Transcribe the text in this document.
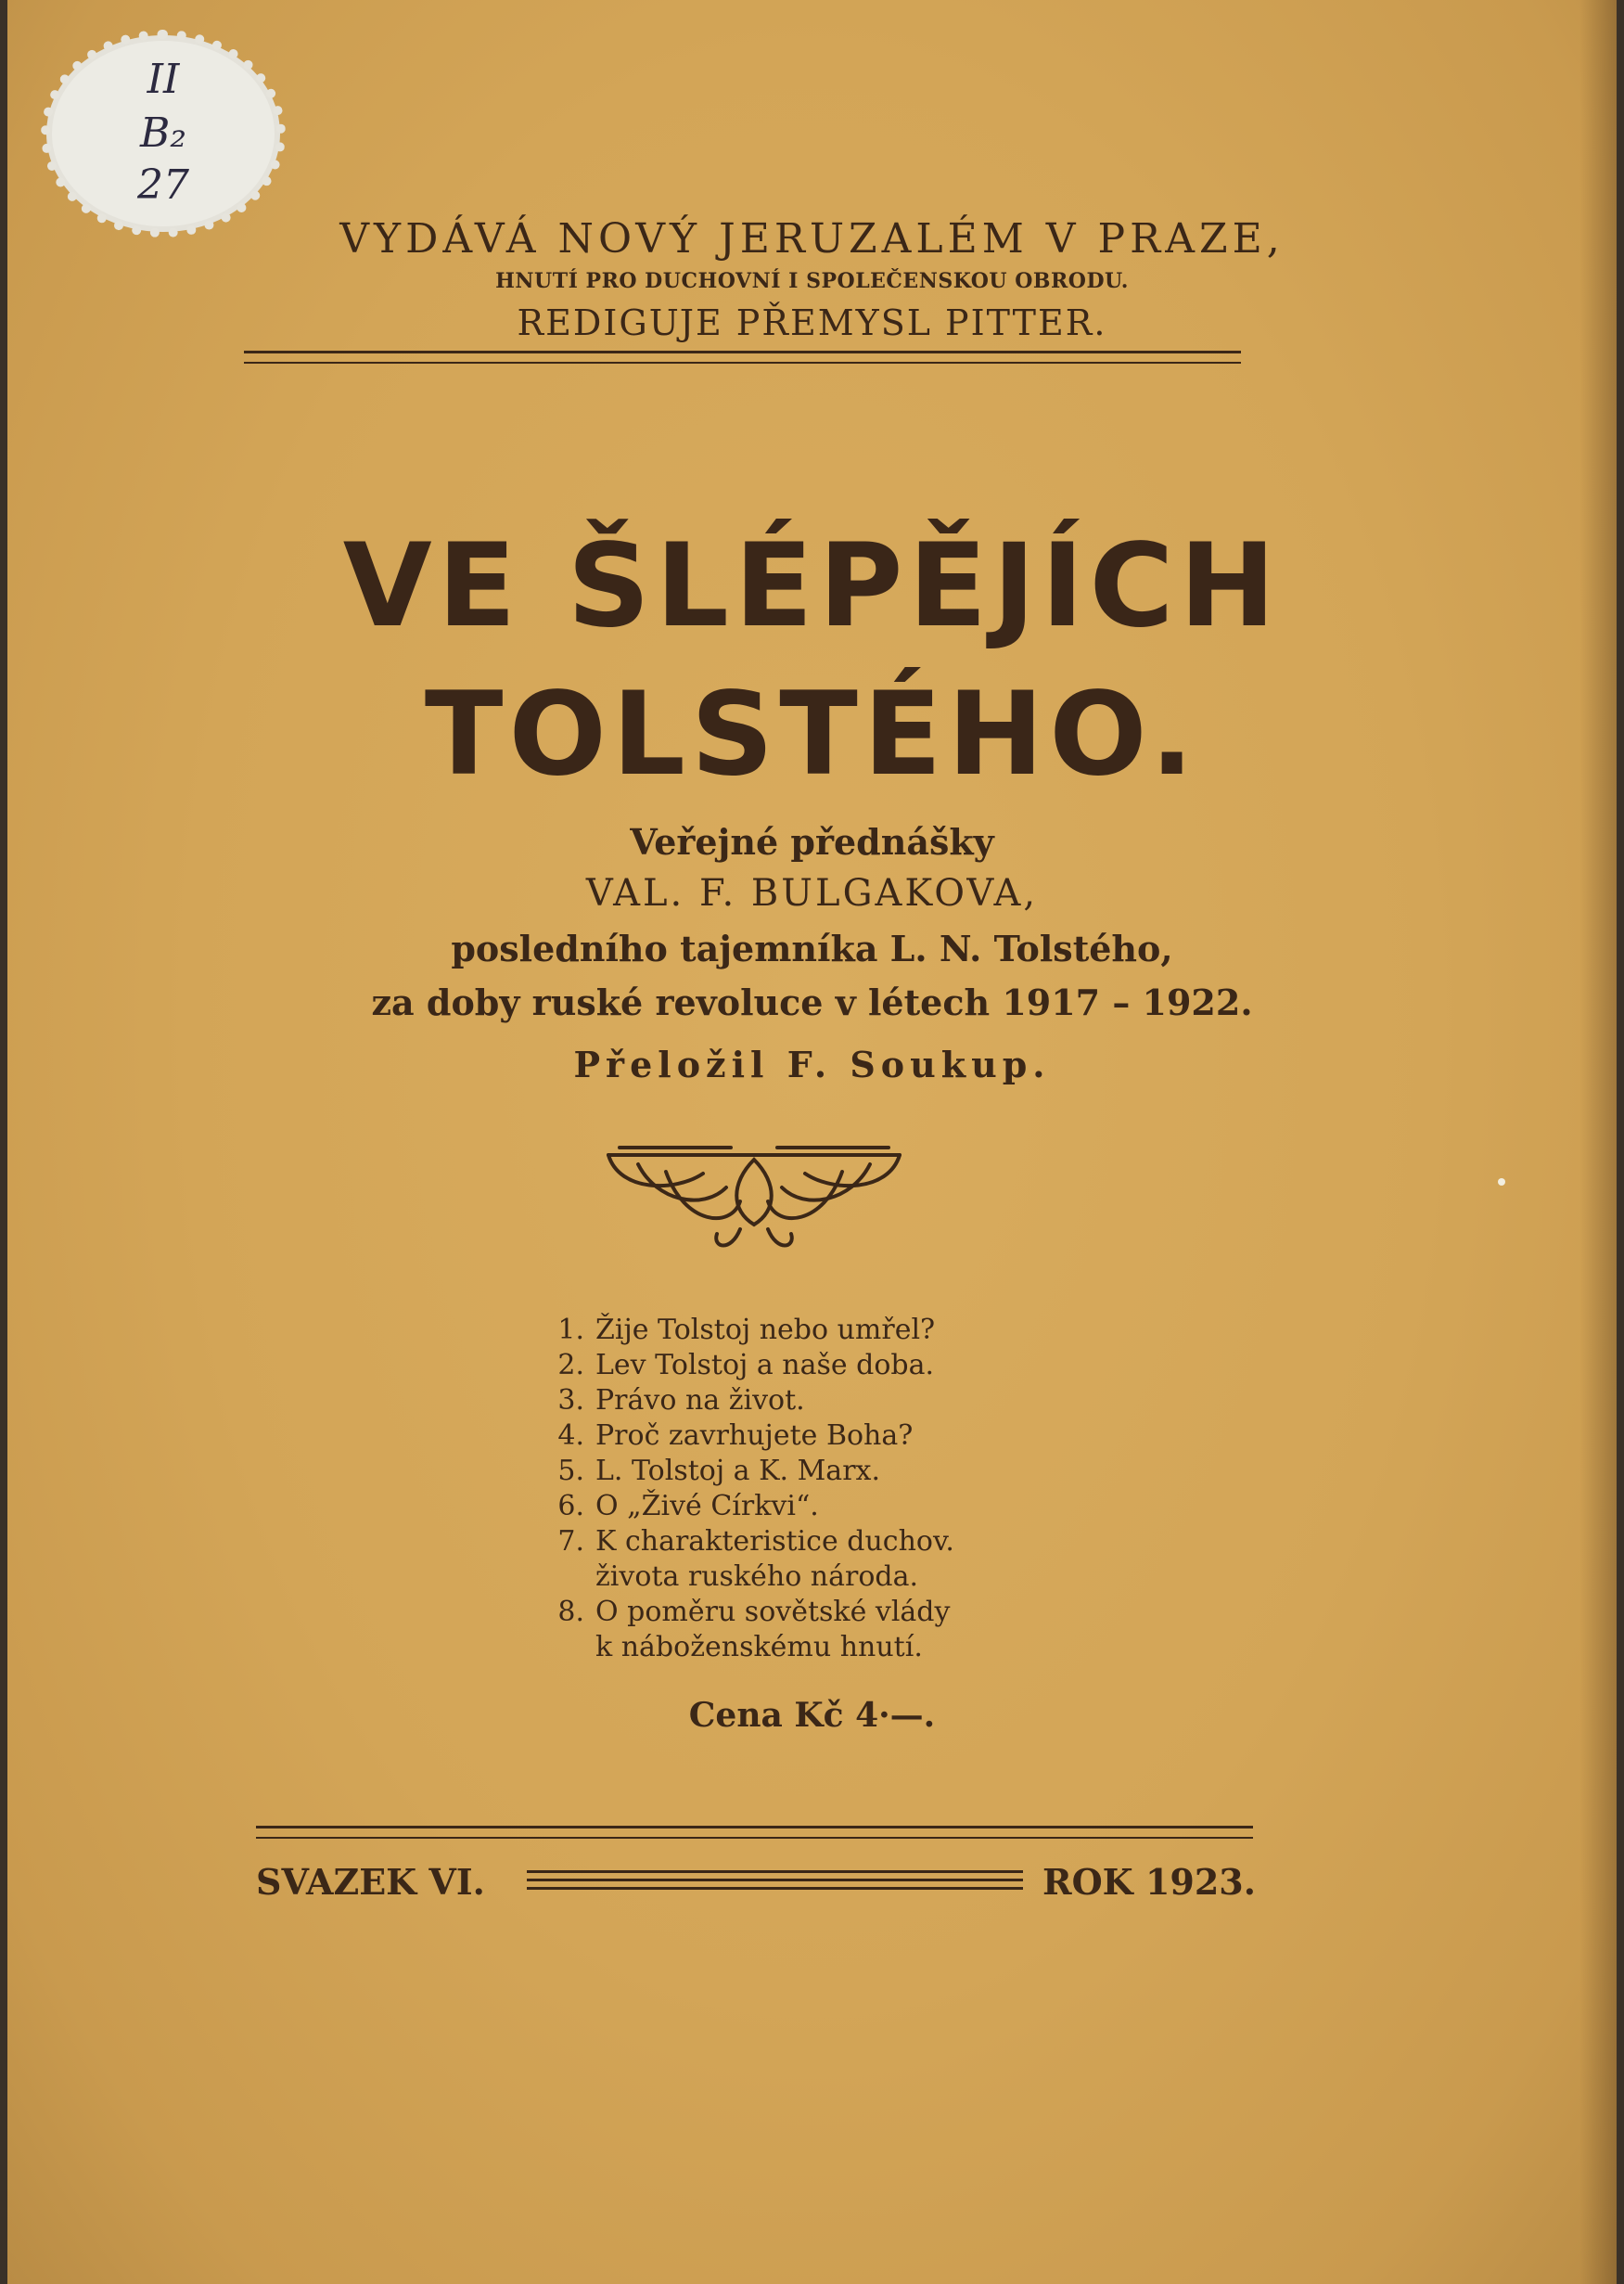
II
B₂
27
VYDÁVÁ NOVÝ JERUZALÉM V PRAZE,
HNUTÍ PRO DUCHOVNÍ I SPOLEČENSKOU OBRODU.
REDIGUJE PŘEMYSL PITTER.
VE ŠLÉPĚJÍCH
TOLSTÉHO.
Veřejné přednášky
VAL. F. BULGAKOVA,
posledního tajemníka L. N. Tolstého,
za doby ruské revoluce v létech 1917 – 1922.
Přeložil F. Soukup.
1. Žije Tolstoj nebo umřel?
2. Lev Tolstoj a naše doba.
3. Právo na život.
4. Proč zavrhujete Boha?
5. L. Tolstoj a K. Marx.
6. O „Živé Církvi“.
7. K charakteristice duchov.
života ruského národa.
8. O poměru sovětské vlády
k náboženskému hnutí.
Cena Kč 4·—.
SVAZEK VI.	ROK 1923.
